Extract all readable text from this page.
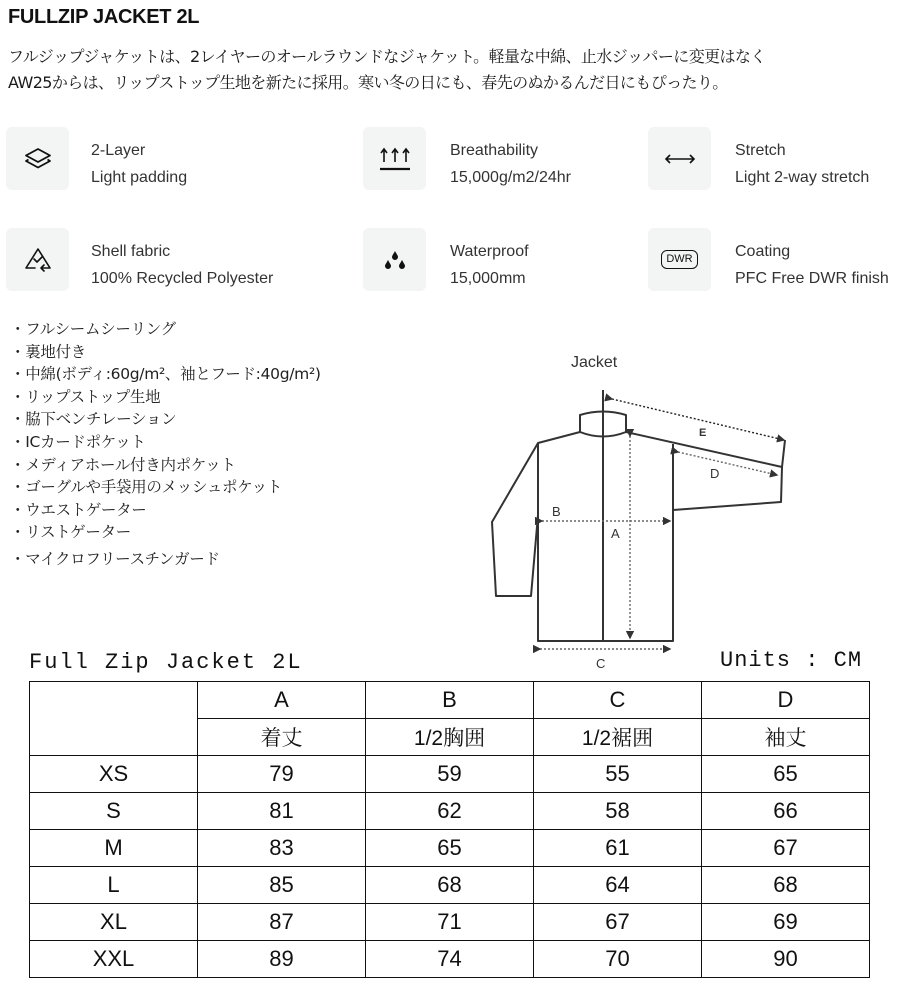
FULLZIP JACKET 2L
フルジップジャケットは、2レイヤーのオールラウンドなジャケット。軽量な中綿、止水ジッパーに変更はなく
AW25からは、リップストップ生地を新たに採用。寒い冬の日にも、春先のぬかるんだ日にもぴったり。
2-Layer
Light padding
Breathability
15,000g/m2/24hr
Stretch
Light 2-way stretch
Shell fabric
100% Recycled Polyester
Waterproof
15,000mm
DWR	Coating
PFC Free DWR finish
・ フルシームシーリング
・ 裏地付き
・ 中綿(ボディ:60g/m²、袖とフード:40g/m²)
・ リップストップ生地
・ 脇下ベンチレーション
・ ICカードポケット
・ メディアホール付き内ポケット
・ ゴーグルや手袋用のメッシュポケット
・ ウエストゲーター
・ リストゲーター
・ マイクロフリースチンガード
Jacket
A
B
C
D
E
Full Zip Jacket 2L	Units : CM
	A	B	C	D
	着丈	1/2胸囲	1/2裾囲	袖丈
XS	79	59	55	65
S	81	62	58	66
M	83	65	61	67
L	85	68	64	68
XL	87	71	67	69
XXL	89	74	70	90
